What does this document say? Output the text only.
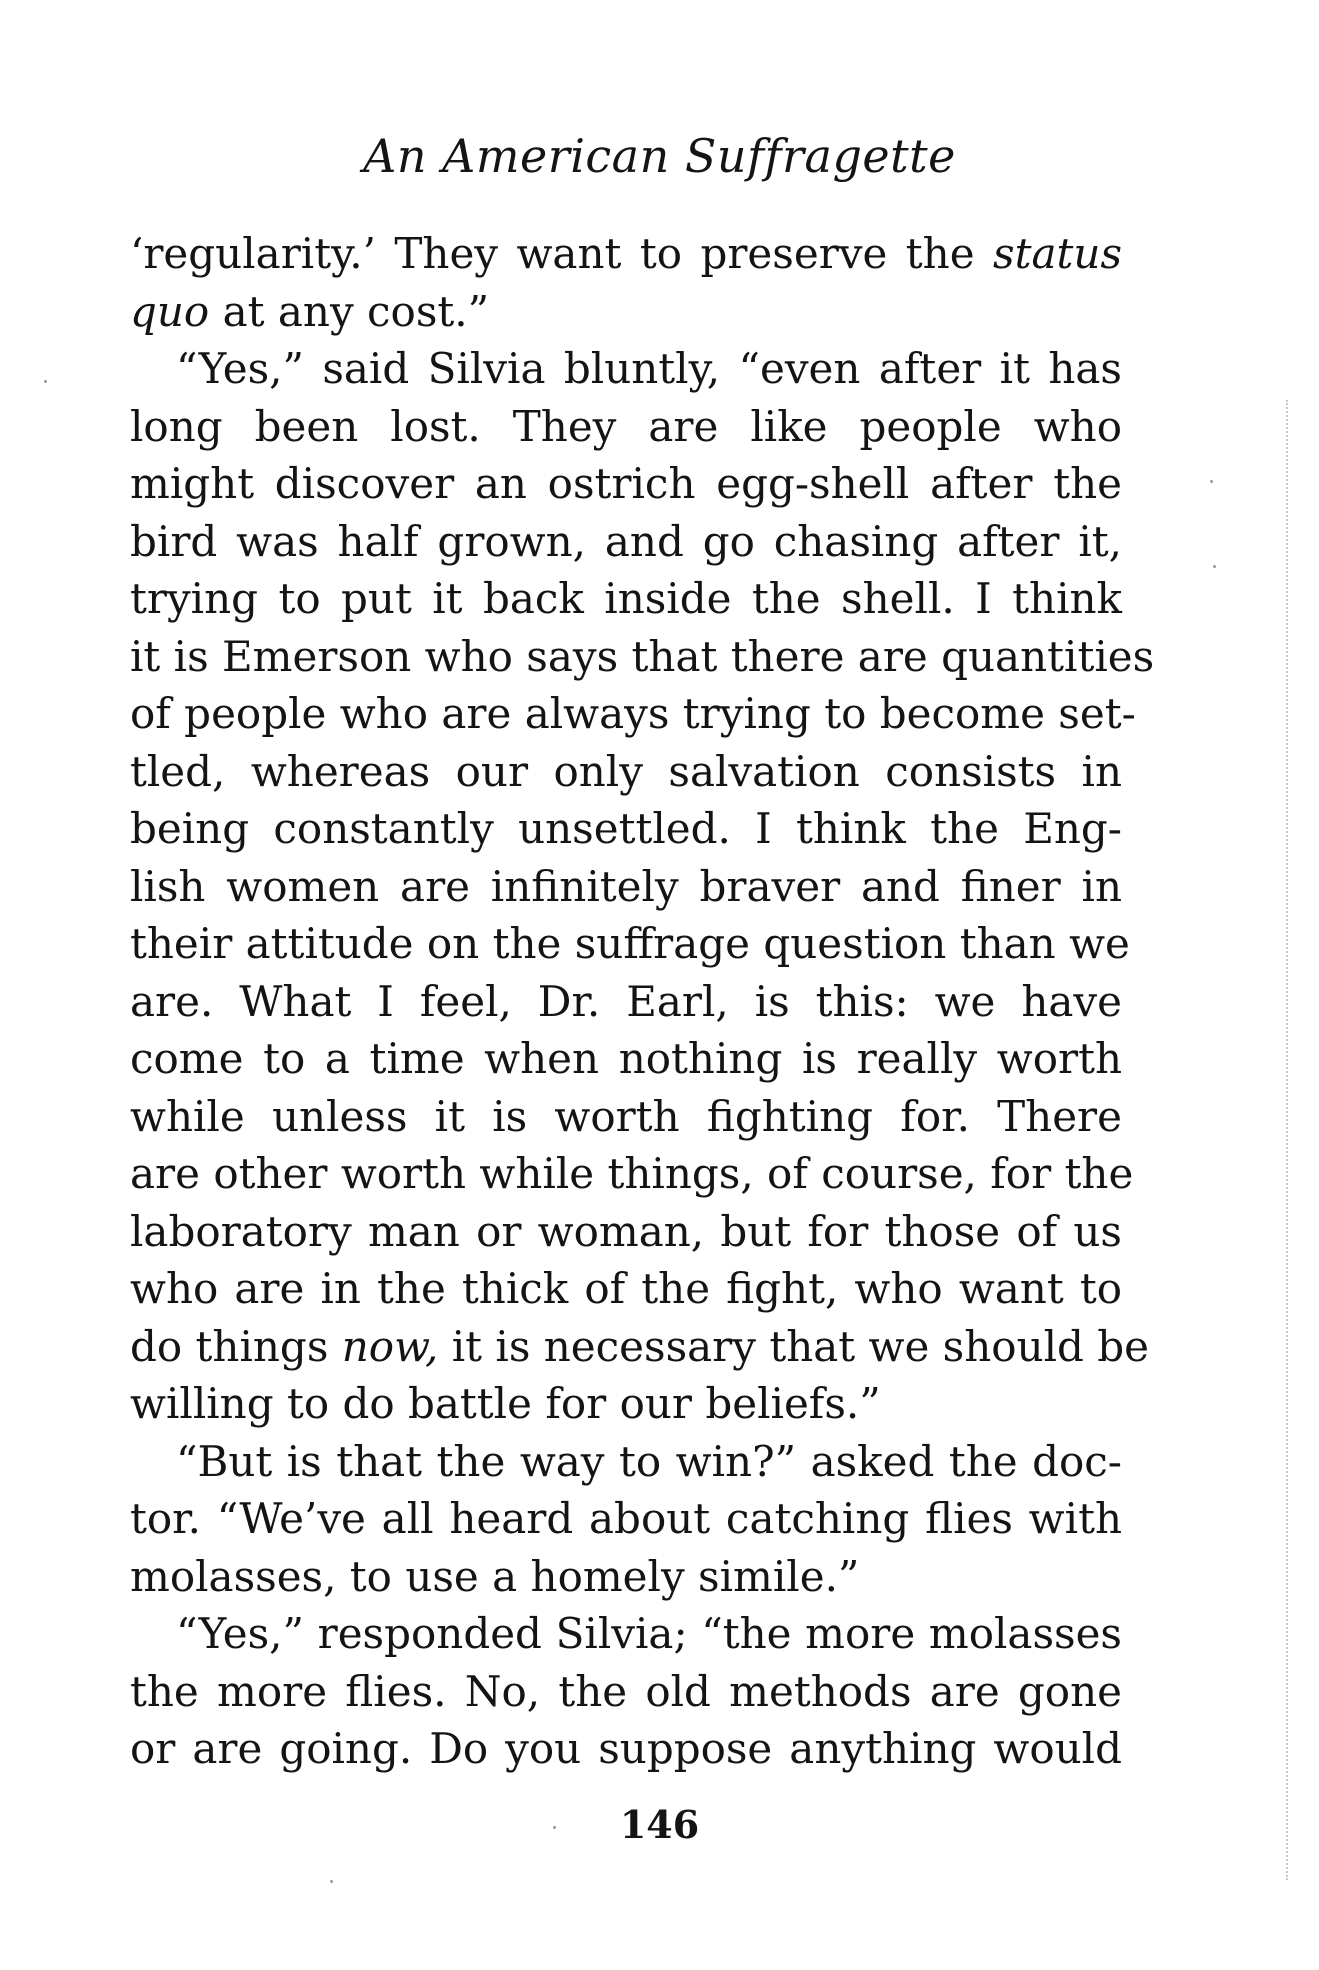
An American Suffragette
‘regularity.’ They want to preserve the status
quo at any cost.”
“Yes,” said Silvia bluntly, “even after it has
long been lost. They are like people who
might discover an ostrich egg-shell after the
bird was half grown, and go chasing after it,
trying to put it back inside the shell. I think
it is Emerson who says that there are quantities
of people who are always trying to become set-
tled, whereas our only salvation consists in
being constantly unsettled. I think the Eng-
lish women are infinitely braver and finer in
their attitude on the suffrage question than we
are. What I feel, Dr. Earl, is this: we have
come to a time when nothing is really worth
while unless it is worth fighting for. There
are other worth while things, of course, for the
laboratory man or woman, but for those of us
who are in the thick of the fight, who want to
do things now, it is necessary that we should be
willing to do battle for our beliefs.”
“But is that the way to win?” asked the doc-
tor. “We’ve all heard about catching flies with
molasses, to use a homely simile.”
“Yes,” responded Silvia; “the more molasses
the more flies. No, the old methods are gone
or are going. Do you suppose anything would
146
